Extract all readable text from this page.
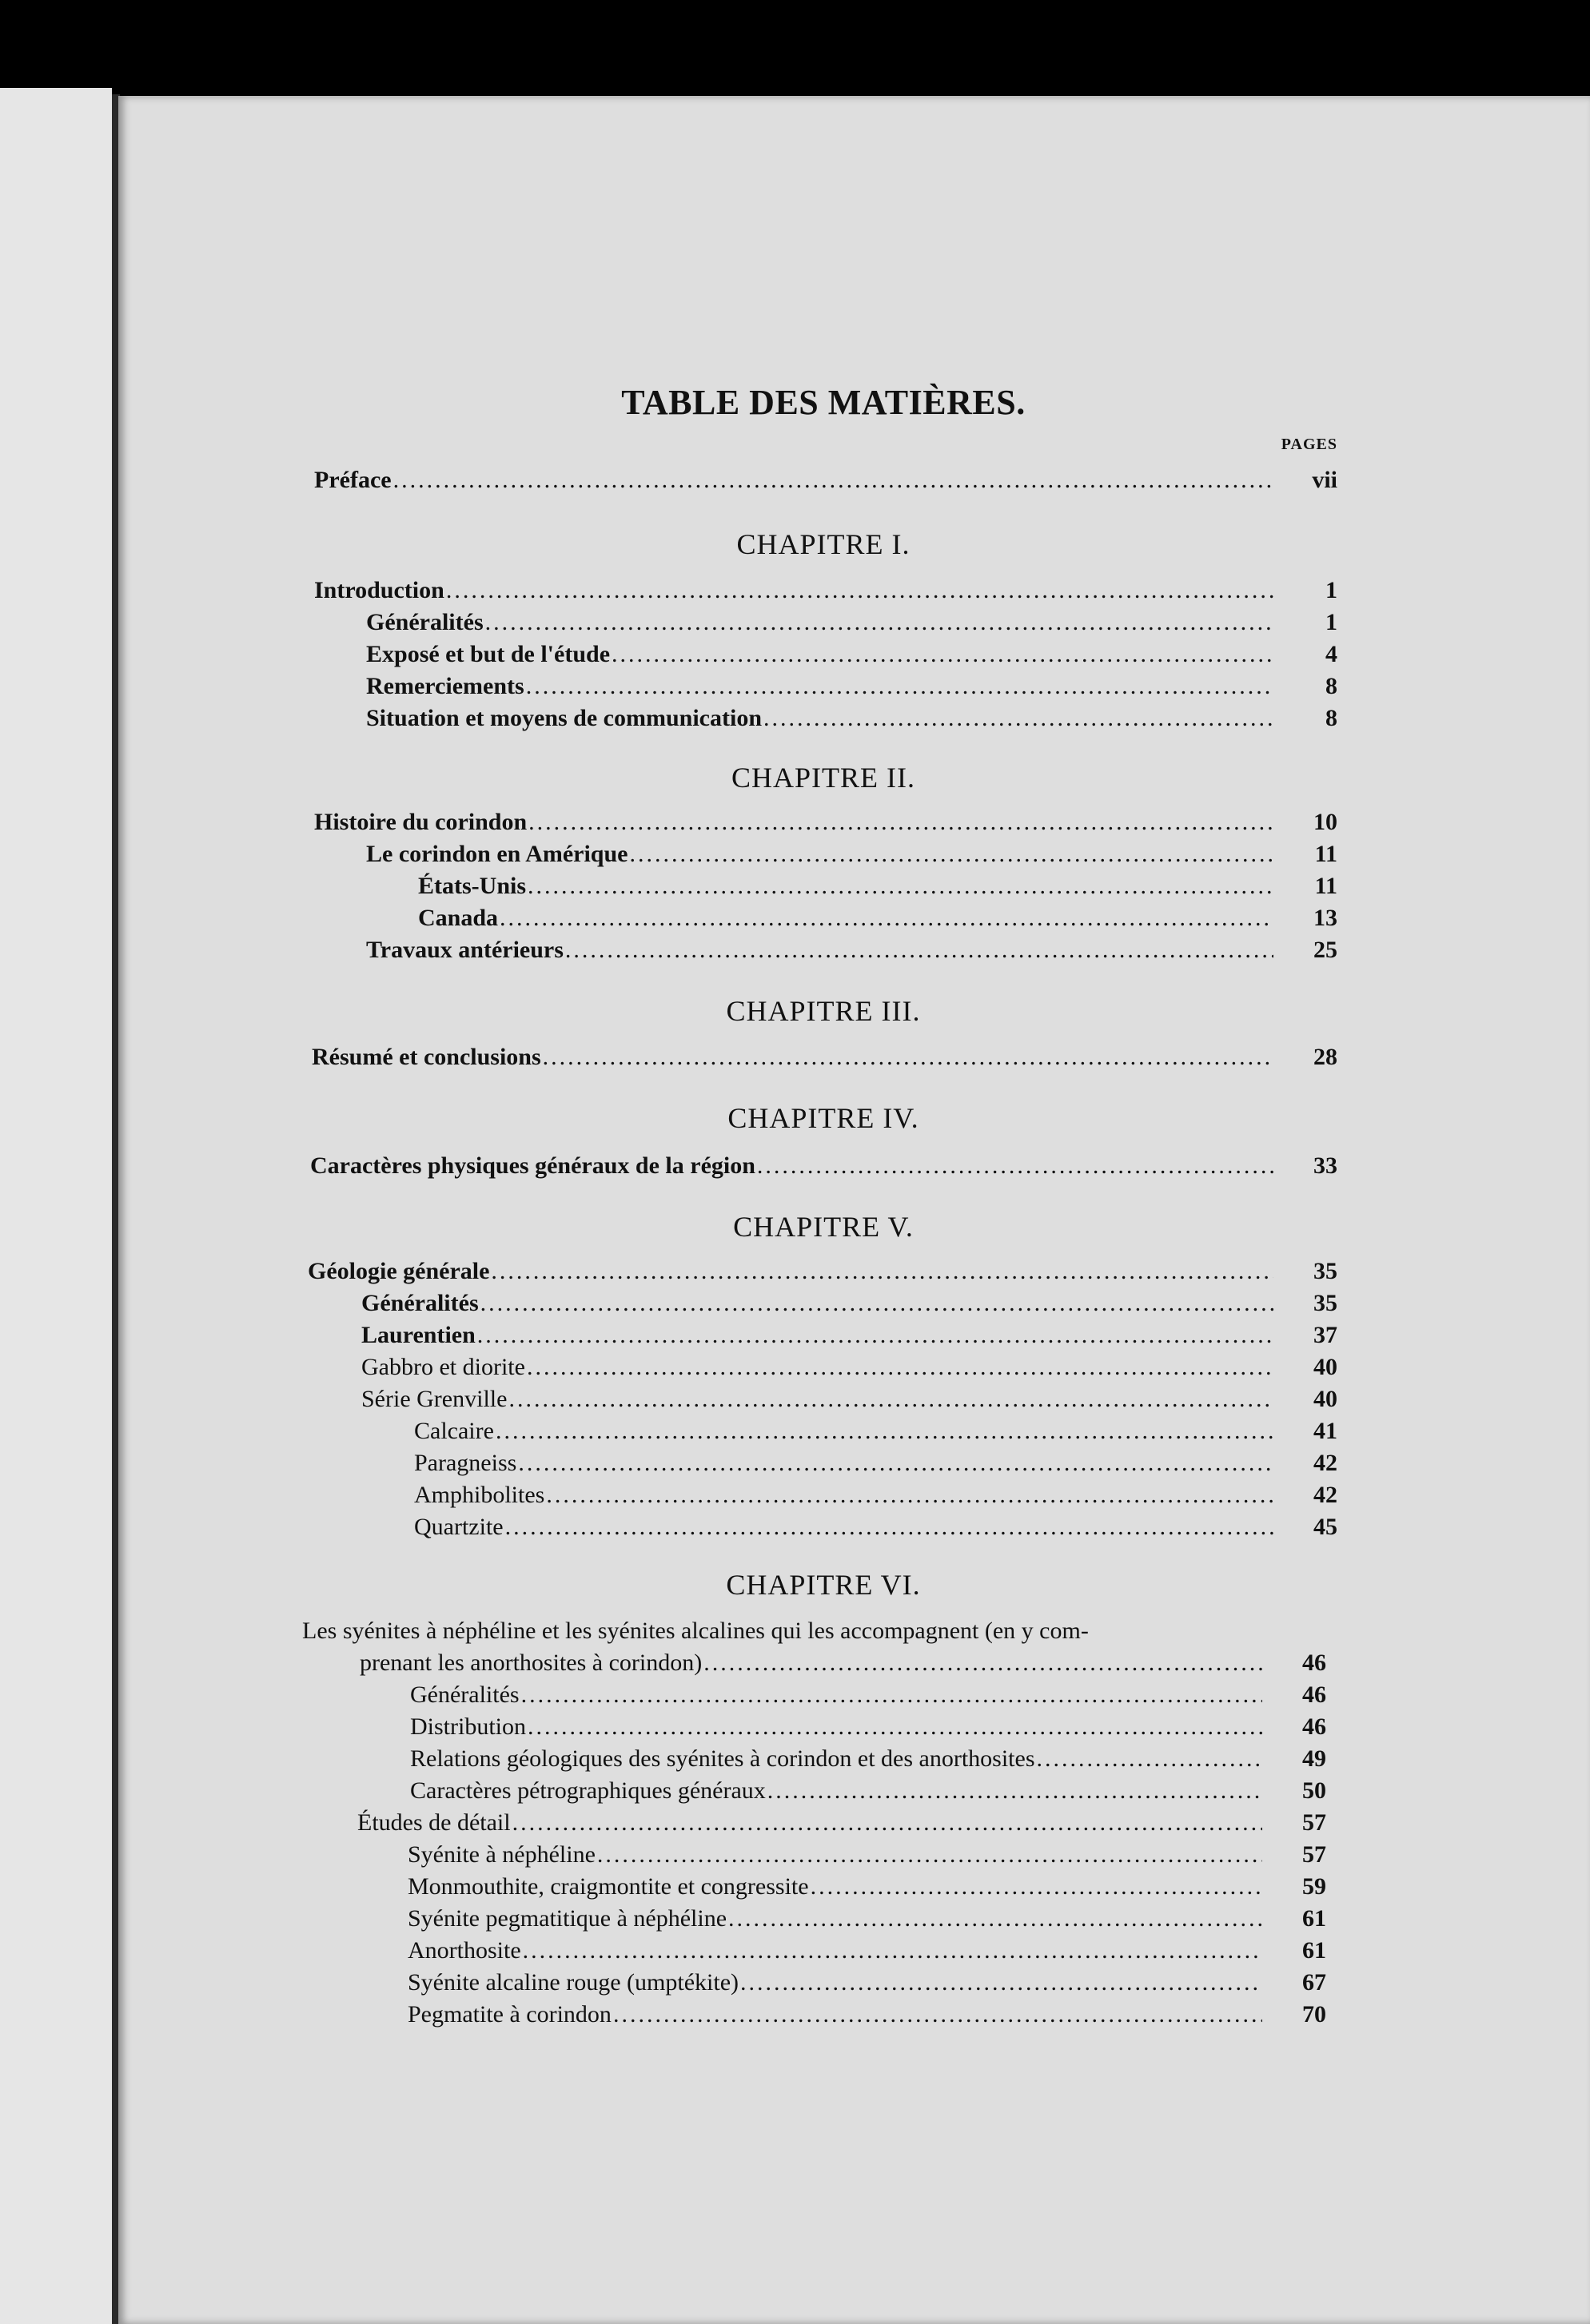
TABLE DES MATIÈRES.
PAGES
Préface .....	vii
CHAPITRE I.
Introduction .....	1
Généralités .....	1
Exposé et but de l'étude .....	4
Remerciements .....	8
Situation et moyens de communication .....	8
CHAPITRE II.
Histoire du corindon .....	10
Le corindon en Amérique .....	11
États-Unis .....	11
Canada .....	13
Travaux antérieurs .....	25
CHAPITRE III.
Résumé et conclusions .....	28
CHAPITRE IV.
Caractères physiques généraux de la région .....	33
CHAPITRE V.
Géologie générale .....	35
Généralités .....	35
Laurentien .....	37
Gabbro et diorite .....	40
Série Grenville .....	40
Calcaire .....	41
Paragneiss .....	42
Amphibolites .....	42
Quartzite .....	45
CHAPITRE VI.
Les syénites à néphéline et les syénites alcalines qui les accompagnent (en y com-
prenant les anorthosites à corindon) .....	46
Généralités .....	46
Distribution .....	46
Relations géologiques des syénites à corindon et des anorthosites .....	49
Caractères pétrographiques généraux .....	50
Études de détail .....	57
Syénite à néphéline .....	57
Monmouthite, craigmontite et congressite .....	59
Syénite pegmatitique à néphéline .....	61
Anorthosite .....	61
Syénite alcaline rouge (umptékite) .....	67
Pegmatite à corindon .....	70
